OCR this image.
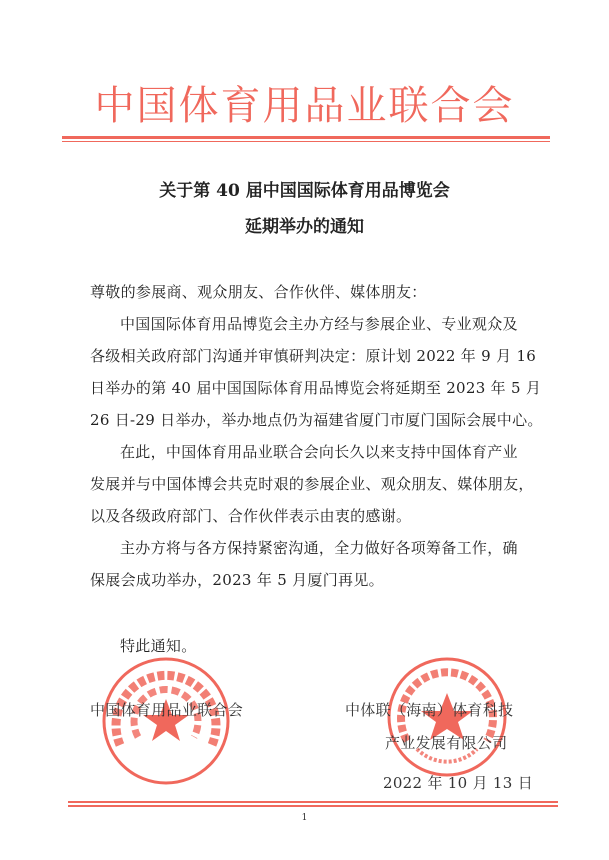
中国体育用品业联合会
关于第 40 届中国国际体育用品博览会
延期举办的通知
尊敬的参展商、观众朋友、合作伙伴、媒体朋友：
中国国际体育用品博览会主办方经与参展企业、专业观众及
各级相关政府部门沟通并审慎研判决定：原计划 2022 年 9 月 16
日举办的第 40 届中国国际体育用品博览会将延期至 2023 年 5 月
26 日-29 日举办，举办地点仍为福建省厦门市厦门国际会展中心。
在此，中国体育用品业联合会向长久以来支持中国体育产业
发展并与中国体博会共克时艰的参展企业、观众朋友、媒体朋友，
以及各级政府部门、合作伙伴表示由衷的感谢。
主办方将与各方保持紧密沟通，全力做好各项筹备工作，确
保展会成功举办，2023 年 5 月厦门再见。
特此通知。
中国体育用品业联合会	中体联（海南）体育科技
产业发展有限公司
2022 年 10 月 13 日
1
